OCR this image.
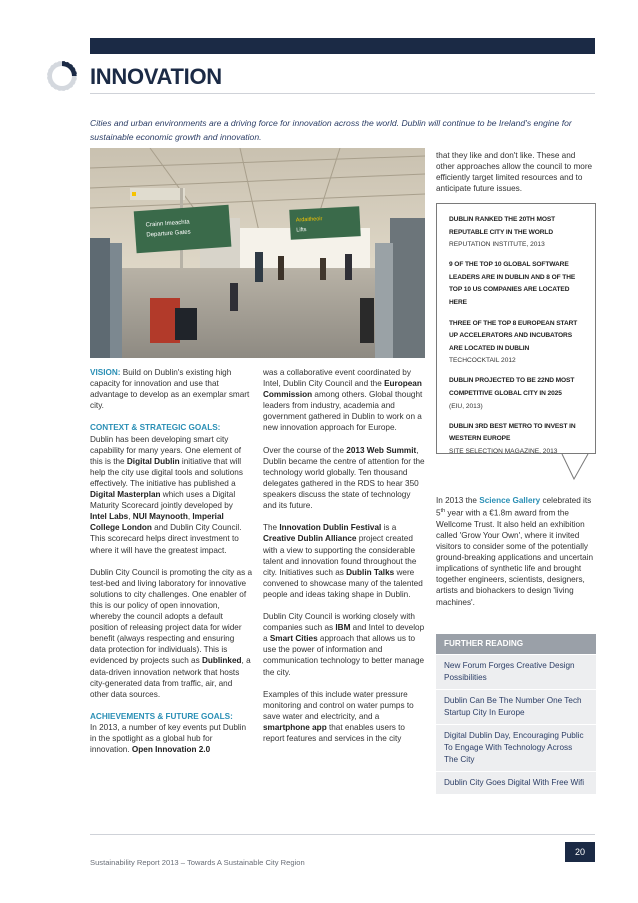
INNOVATION
Cities and urban environments are a driving force for innovation across the world. Dublin will continue to be Ireland's engine for sustainable economic growth and innovation.
Crainn Imeachta
Departure Gates
Ardaitheoir
Lifts

VISION: Build on Dublin's existing high capacity for innovation and use that advantage to develop as an exemplar smart city.

CONTEXT & STRATEGIC GOALS:

Dublin has been developing smart city capability for many years. One element of this is the Digital Dublin initiative that will help the city use digital tools and solutions effectively. The initiative has published a Digital Masterplan which uses a Digital Maturity Scorecard jointly developed by Intel Labs, NUI Maynooth, Imperial College London and Dublin City Council. This scorecard helps direct investment to where it will have the greatest impact.

Dublin City Council is promoting the city as a test-bed and living laboratory for innovative solutions to city challenges. One enabler of this is our policy of open innovation, whereby the council adopts a default position of releasing project data for wider benefit (always respecting and ensuring data protection for individuals). This is evidenced by projects such as Dublinked, a data-driven innovation network that hosts city-generated data from traffic, air, and other data sources.

ACHIEVEMENTS & FUTURE GOALS:

In 2013, a number of key events put Dublin in the spotlight as a global hub for innovation. Open Innovation 2.0

was a collaborative event coordinated by Intel, Dublin City Council and the European Commission among others. Global thought leaders from industry, academia and government gathered in Dublin to work on a new innovation approach for Europe.

Over the course of the 2013 Web Summit, Dublin became the centre of attention for the technology world globally. Ten thousand delegates gathered in the RDS to hear 350 speakers discuss the state of technology and its future.

The Innovation Dublin Festival is a Creative Dublin Alliance project created with a view to supporting the considerable talent and innovation found throughout the city. Initiatives such as Dublin Talks were convened to showcase many of the talented people and ideas taking shape in Dublin.

Dublin City Council is working closely with companies such as IBM and Intel to develop a Smart Cities approach that allows us to use the power of information and communication technology to better manage the city.

Examples of this include water pressure monitoring and control on water pumps to save water and electricity, and a smartphone app that enables users to report features and services in the city

that they like and don't like. These and other approaches allow the council to more efficiently target limited resources and to anticipate future issues.

DUBLIN RANKED THE 20TH MOST REPUTABLE CITY IN THE WORLD
REPUTATION INSTITUTE, 2013
9 OF THE TOP 10 GLOBAL SOFTWARE LEADERS ARE IN DUBLIN AND 8 OF THE TOP 10 US COMPANIES ARE LOCATED HERE
THREE OF THE TOP 8 EUROPEAN START UP ACCELERATORS AND INCUBATORS ARE LOCATED IN DUBLIN
TECHCOCKTAIL 2012
DUBLIN PROJECTED TO BE 22ND MOST COMPETITIVE GLOBAL CITY IN 2025
(EIU, 2013)
DUBLIN 3RD BEST METRO TO INVEST IN WESTERN EUROPE
SITE SELECTION MAGAZINE, 2013

In 2013 the Science Gallery celebrated its 5th year with a €1.8m award from the Wellcome Trust. It also held an exhibition called 'Grow Your Own', where it invited visitors to consider some of the potentially ground-breaking applications and uncertain implications of synthetic life and brought together engineers, scientists, designers, artists and biohackers to design 'living machines'.

FURTHER READING
New Forum Forges Creative Design Possibilities
Dublin Can Be The Number One Tech Startup City In Europe
Digital Dublin Day, Encouraging Public To Engage With Technology Across The City
Dublin City Goes Digital With Free Wifi
Sustainability Report 2013 – Towards A Sustainable City Region
20
